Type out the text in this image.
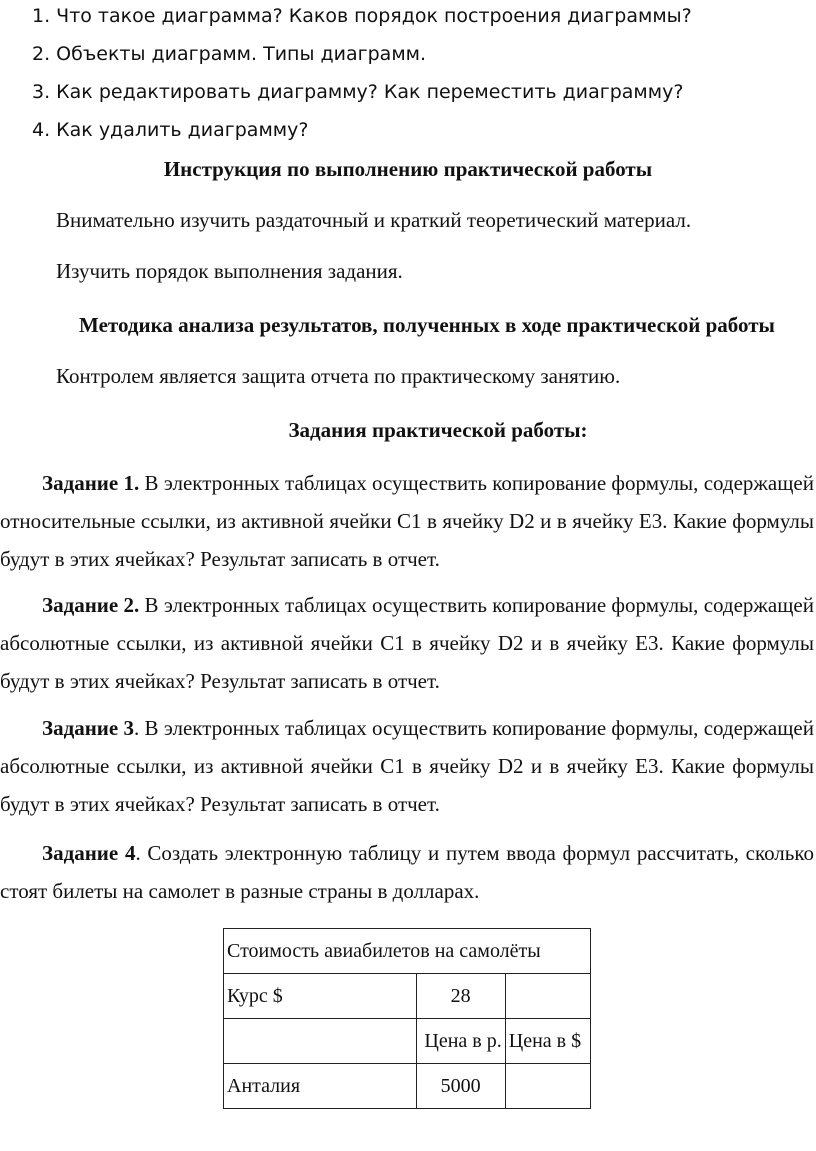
1. Что такое диаграмма? Каков порядок построения диаграммы?
2. Объекты диаграмм. Типы диаграмм.
3. Как редактировать диаграмму? Как переместить диаграмму?
4. Как удалить диаграмму?
Инструкция по выполнению практической работы
Внимательно изучить раздаточный и краткий теоретический материал.
Изучить порядок выполнения задания.
Методика анализа результатов, полученных в ходе практической работы
Контролем является защита отчета по практическому занятию.
Задания практической работы:

Задание 1. В электронных таблицах осуществить копирование формулы, содержащей относительные ссылки, из активной ячейки С1 в ячейку D2 и в ячейку Е3. Какие формулы будут в этих ячейках? Результат записать в отчет.

Задание 2. В электронных таблицах осуществить копирование формулы, содержащей абсолютные ссылки, из активной ячейки С1 в ячейку D2 и в ячейку Е3. Какие формулы будут в этих ячейках? Результат записать в отчет.

Задание 3. В электронных таблицах осуществить копирование формулы, содержащей абсолютные ссылки, из активной ячейки С1 в ячейку D2 и в ячейку Е3. Какие формулы будут в этих ячейках? Результат записать в отчет.

Задание 4. Создать электронную таблицу и путем ввода формул рассчитать, сколько стоят билеты на самолет в разные страны в долларах.

Стоимость авиабилетов на самолёты		
Курс $	28	
	Цена в р.	Цена в $
Анталия	5000	
